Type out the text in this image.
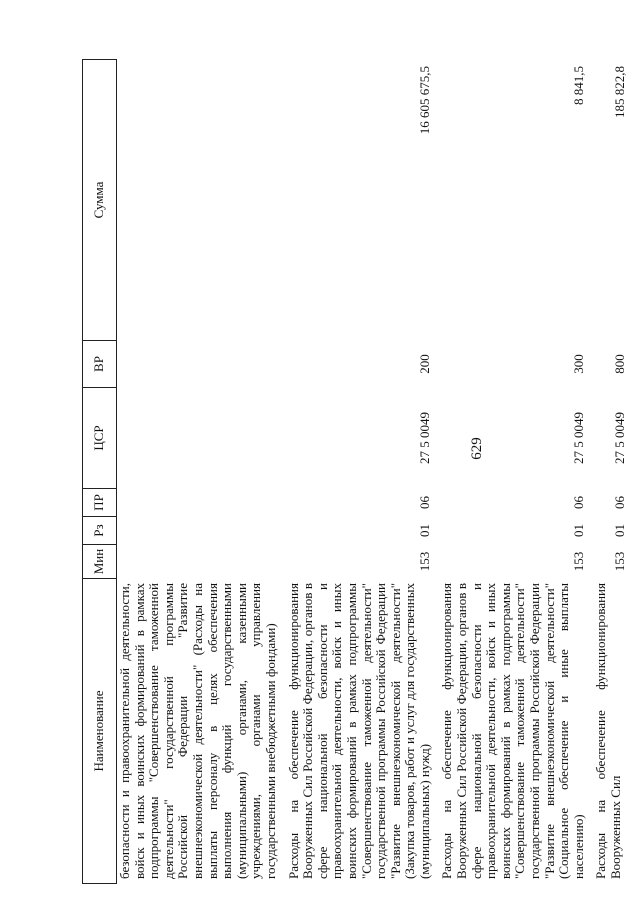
629
Наименование	Мин	Рз	ПР	ЦСР	ВР	Сумма
безопасности и правоохранительной деятельности, войск и иных воинских формирований в рамках подпрограммы "Совершенствование таможенной деятельности" государственной программы Российской Федерации "Развитие внешнеэкономической деятельности" (Расходы на выплаты персоналу в целях обеспечения выполнения функций государственными (муниципальными) органами, казенными учреждениями, органами управления государственными внебюджетными фондами)						
Расходы на обеспечение функционирования Вооруженных Сил Российской Федерации, органов в сфере национальной безопасности и правоохранительной деятельности, войск и иных воинских формирований в рамках подпрограммы "Совершенствование таможенной деятельности" государственной программы Российской Федерации "Развитие внешнеэкономической деятельности" (Закупка товаров, работ и услуг для государственных (муниципальных) нужд)	153	01	06	27 5 0049	200	16 605 675,5
Расходы на обеспечение функционирования Вооруженных Сил Российской Федерации, органов в сфере национальной безопасности и правоохранительной деятельности, войск и иных воинских формирований в рамках подпрограммы "Совершенствование таможенной деятельности" государственной программы Российской Федерации "Развитие внешнеэкономической деятельности" (Социальное обеспечение и иные выплаты населению)	153	01	06	27 5 0049	300	8 841,5
Расходы на обеспечение функционирования Вооруженных Сил	153	01	06	27 5 0049	800	185 822,8
